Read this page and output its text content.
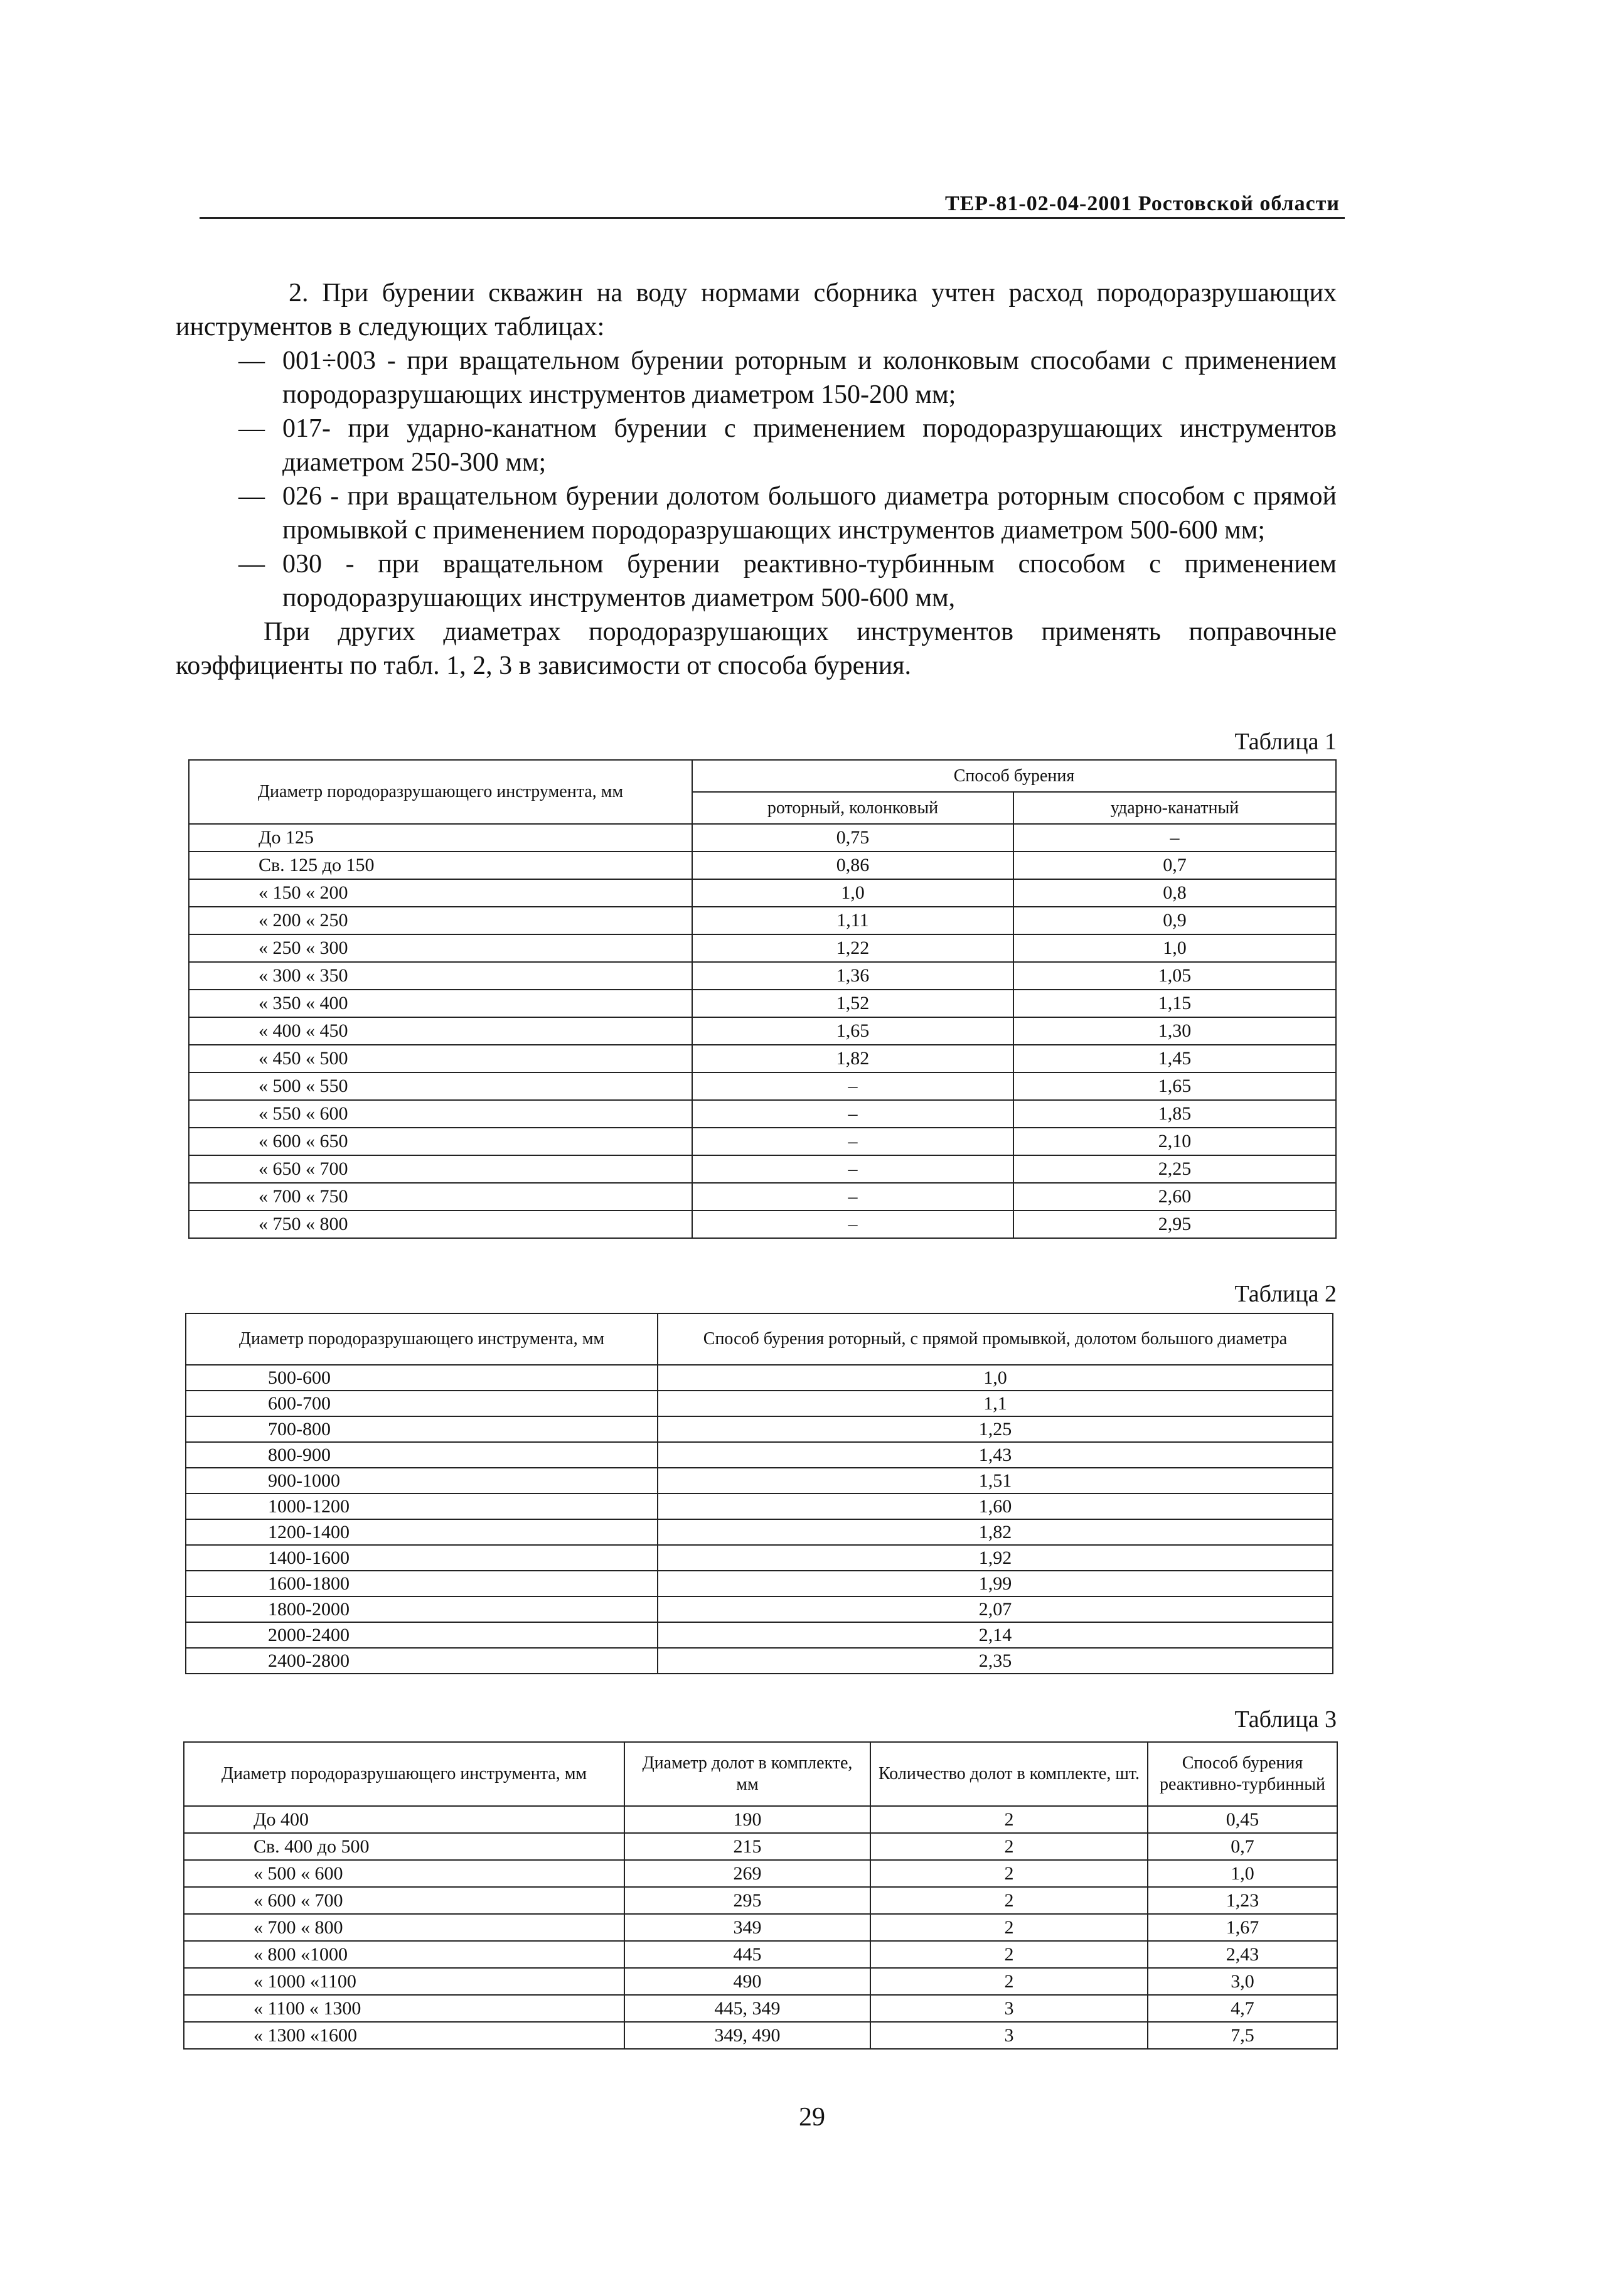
ТЕР-81-02-04-2001 Ростовской области

2. При бурении скважин на воду нормами сборника учтен расход породоразрушающих инструментов в следующих таблицах:

— 001÷003 - при вращательном бурении роторным и колонковым способами с применением породоразрушающих инструментов диаметром 150-200 мм;
— 017- при ударно-канатном бурении с применением породоразрушающих инструментов диаметром 250-300 мм;
— 026 - при вращательном бурении долотом большого диаметра роторным способом с прямой промывкой с применением породоразрушающих инструментов диаметром 500-600 мм;
— 030 - при вращательном бурении реактивно-турбинным способом с применением породоразрушающих инструментов диаметром 500-600 мм,

При других диаметрах породоразрушающих инструментов применять поправочные коэффициенты по табл. 1, 2, 3 в зависимости от способа бурения.

Таблица 1
Диаметр породоразрушающего инструмента, мм	Способ бурения	
	роторный, колонковый	ударно-канатный
До 125	0,75	–
Св. 125 до 150	0,86	0,7
« 150 « 200	1,0	0,8
« 200 « 250	1,11	0,9
« 250 « 300	1,22	1,0
« 300 « 350	1,36	1,05
« 350 « 400	1,52	1,15
« 400 « 450	1,65	1,30
« 450 « 500	1,82	1,45
« 500 « 550	–	1,65
« 550 « 600	–	1,85
« 600 « 650	–	2,10
« 650 « 700	–	2,25
« 700 « 750	–	2,60
« 750 « 800	–	2,95
Таблица 2
Диаметр породоразрушающего инструмента, мм	Способ бурения роторный, с прямой промывкой, долотом большого диаметра
500-600	1,0
600-700	1,1
700-800	1,25
800-900	1,43
900-1000	1,51
1000-1200	1,60
1200-1400	1,82
1400-1600	1,92
1600-1800	1,99
1800-2000	2,07
2000-2400	2,14
2400-2800	2,35
Таблица 3
Диаметр породоразрушающего инструмента, мм	Диаметр долот в комплекте, мм	Количество долот в комплекте, шт.	Способ бурения реактивно-турбинный
До 400	190	2	0,45
Св. 400 до 500	215	2	0,7
« 500 « 600	269	2	1,0
« 600 « 700	295	2	1,23
« 700 « 800	349	2	1,67
« 800 «1000	445	2	2,43
« 1000 «1100	490	2	3,0
« 1100 « 1300	445, 349	3	4,7
« 1300 «1600	349, 490	3	7,5
29
